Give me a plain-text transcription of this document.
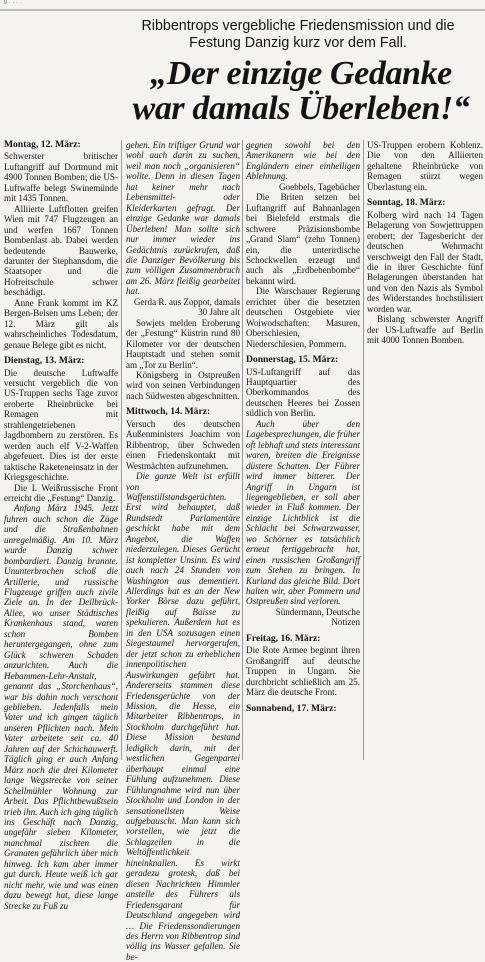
· 9 · · · ·
Ribbentrops vergebliche Friedensmission und die Festung Danzig kurz vor dem Fall.
„Der einzige Gedanke war damals Überleben!“
Montag, 12. März:

Schwerster britischer Luftangriff auf Dortmund mit 4900 Tonnen Bomben; die US-Luftwaffe belegt Swinemünde mit 1435 Tonnen.

Alliierte Luftflotten greifen Wien mit 747 Flugzeugen an und werfen 1667 Tonnen Bombenlast ab. Dabei werden bedeutende Bauwerke, darunter der Stephansdom, die Staatsoper und die Hofreitschule schwer beschädigt.

Anne Frank kommt im KZ Bergen-Belsen ums Leben; der 12. März gilt als wahrscheinliches Todesdatum, genaue Belege gibt es nicht.

Dienstag, 13. März:

Die deutsche Luftwaffe versucht vergeblich die von US-Truppen sechs Tage zuvor eroberte Rheinbrücke bei Remagen mit strahlengetriebenen Jagdbombern zu zerstören. Es werden auch elf V-2-Waffen abgefeuert. Dies ist der erste taktische Raketeneinsatz in der Kriegsgeschichte.

Die I. Weißrussische Front erreicht die „Festung“ Danzig.

Anfang März 1945. Jetzt fuhren auch schon die Züge und die Straßenbahnen unregelmäßig. Am 10. März wurde Danzig schwer bombardiert. Danzig brannte. Ununterbrochen schoß die Artillerie, und russische Flugzeuge griffen auch zivile Ziele an. In der Dellbrück-Allee, wo unser Städtisches Krankenhaus stand, waren schon Bomben heruntergegangen, ohne zum Glück schweren Schaden anzurichten. Auch die Hebammen-Lehr-Anstalt, genannt das „Storchenhaus“, war bis dahin noch verschont geblieben. Jedenfalls mein Vater und ich gingen täglich unseren Pflichten nach. Mein Vater arbeitete seit ca. 40 Jahren auf der Schichauwerft. Täglich ging er auch Anfang März noch die drei Kilometer lange Wegstrecke von seiner Schellmühler Wohnung zur Arbeit. Das Pflichtbewußtsein trieb ihn. Auch ich ging täglich ins Geschäft nach Danzig, ungefähr sieben Kilometer, manchmal zischten die Granaten gefährlich über mich hinweg. Ich kam aber immer gut durch. Heute weiß ich gar nicht mehr, wie und was einen dazu bewegt hat, diese lange Strecke zu Fuß zu

gehen. Ein triftiger Grund war wohl auch darin zu suchen, weil man noch „organisieren“ wollte. Denn in diesen Tagen hat keiner mehr nach Lebensmittel- oder Kleiderkarten gefragt. Der einzige Gedanke war damals Überleben! Man sollte sich nur immer wieder ins Gedächtnis zurückrufen, daß die Danziger Bevölkerung bis zum völligen Zusammenbruch am 26. März fleißig gearbeitet hat.

Gerda R. aus Zoppot, damals 30 Jahre alt

Sowjets melden Eroberung der „Festung“ Küstrin rund 80 Kilometer vor der deutschen Hauptstadt und stehen somit am „Tor zu Berlin“.

Königsberg in Ostpreußen wird von seinen Verbindungen nach Südwesten abgeschnitten.

Mittwoch, 14. März:

Versuch des deutschen Außenministers Joachim von Ribbentrop, über Schweden einen Friedenskontakt mit Westmächten aufzunehmen.

Die ganze Welt ist erfüllt von Waffenstillstandsgerüchten. Erst wird behauptet, daß Rundstedt Parlamentäre geschickt habe mit dem Angebot, die Waffen niederzulegen. Dieses Gerücht ist kompletter Unsinn. Es wird auch nach 24 Stunden von Washington aus dementiert. Allerdings hat es an der New Yorker Börse dazu geführt, fleißig auf Baisse zu spekulieren. Außerdem hat es in den USA sozusagen einen Siegestaumel hervorgerufen, der jetzt schon zu erheblichen innenpolitischen Auswirkungen geführt hat. Andererseits stammen diese Friedensgerüchte von der Mission, die Hesse, ein Mitarbeiter Ribbentrops, in Stockholm durchgeführt hat. Diese Mission bestand lediglich darin, mit der westlichen Gegenpartei überhaupt einmal eine Fühlung aufzunehmen. Diese Fühlungnahme wird nun über Stockholm und London in der sensationellsten Weise aufgebauscht. Man kann sich vorstellen, wie jetzt die Schlagzeilen in die Weltöffentlichkeit hineinknallen. Es wirkt geradezu grotesk, daß bei diesen Nachrichten Himmler anstelle des Führers als Friedensgarant für Deutschland angegeben wird … Die Friedenssondierungen des Herrn von Ribbentrop sind völlig ins Wasser gefallen. Sie be-

gegnen sowohl bei den Amerikanern wie bei den Engländern einer einhelligen Ablehnung.

Goebbels, Tagebücher

Die Briten setzen bei Luftangriff auf Bahnanlagen bei Bielefeld erstmals die schwere Präzisionsbombe „Grand Slam“ (zehn Tonnen) ein, die unterirdische Schockwellen erzeugt und auch als „Erdbebenbombe“ bekannt wird.

Die Warschauer Regierung errichtet über die besetzten deutschen Ostgebiete vier Woiwodschaften: Masuren, Oberschlesien, Niederschlesien, Pommern.

Donnerstag, 15. März:

US-Luftangriff auf das Hauptquartier des Oberkommandos des deutschen Heeres bei Zossen südlich von Berlin.

Auch über den Lagebesprechungen, die früher oft lebhaft und stets interessant waren, breiten die Ereignisse düstere Schatten. Der Führer wird immer bitterer. Der Angriff in Ungarn ist liegengeblieben, er soll aber wieder in Fluß kommen. Der einzige Lichtblick ist die Schlacht bei Schwarzwasser, wo Schörner es tatsächlich erneut fertiggebracht hat, einen russischen Großangriff zum Stehen zu bringen. In Kurland das gleiche Bild. Dort halten wir, aber Pommern und Ostpreußen sind verloren.

Sündermann, Deutsche Notizen

Freitag, 16. März:

Die Rote Armee beginnt ihren Großangriff auf deutsche Truppen in Ungarn. Sie durchbricht schließlich am 25. März die deutsche Front.

Sonnabend, 17. März:

US-Truppen erobern Koblenz. Die von den Alliierten gehaltene Rheinbrücke von Remagen stürzt wegen Überlastung ein.

Sonntag, 18. März:

Kolberg wird nach 14 Tagen Belagerung von Sowjettruppen erobert; der Tagesbericht der deutschen Wehrmacht verschweigt den Fall der Stadt, die in ihrer Geschichte fünf Belagerungen überstanden hat und von den Nazis als Symbol des Widerstandes hochstilisiert worden war.

Bislang schwerster Angriff der US-Luftwaffe auf Berlin mit 4000 Tonnen Bomben.
